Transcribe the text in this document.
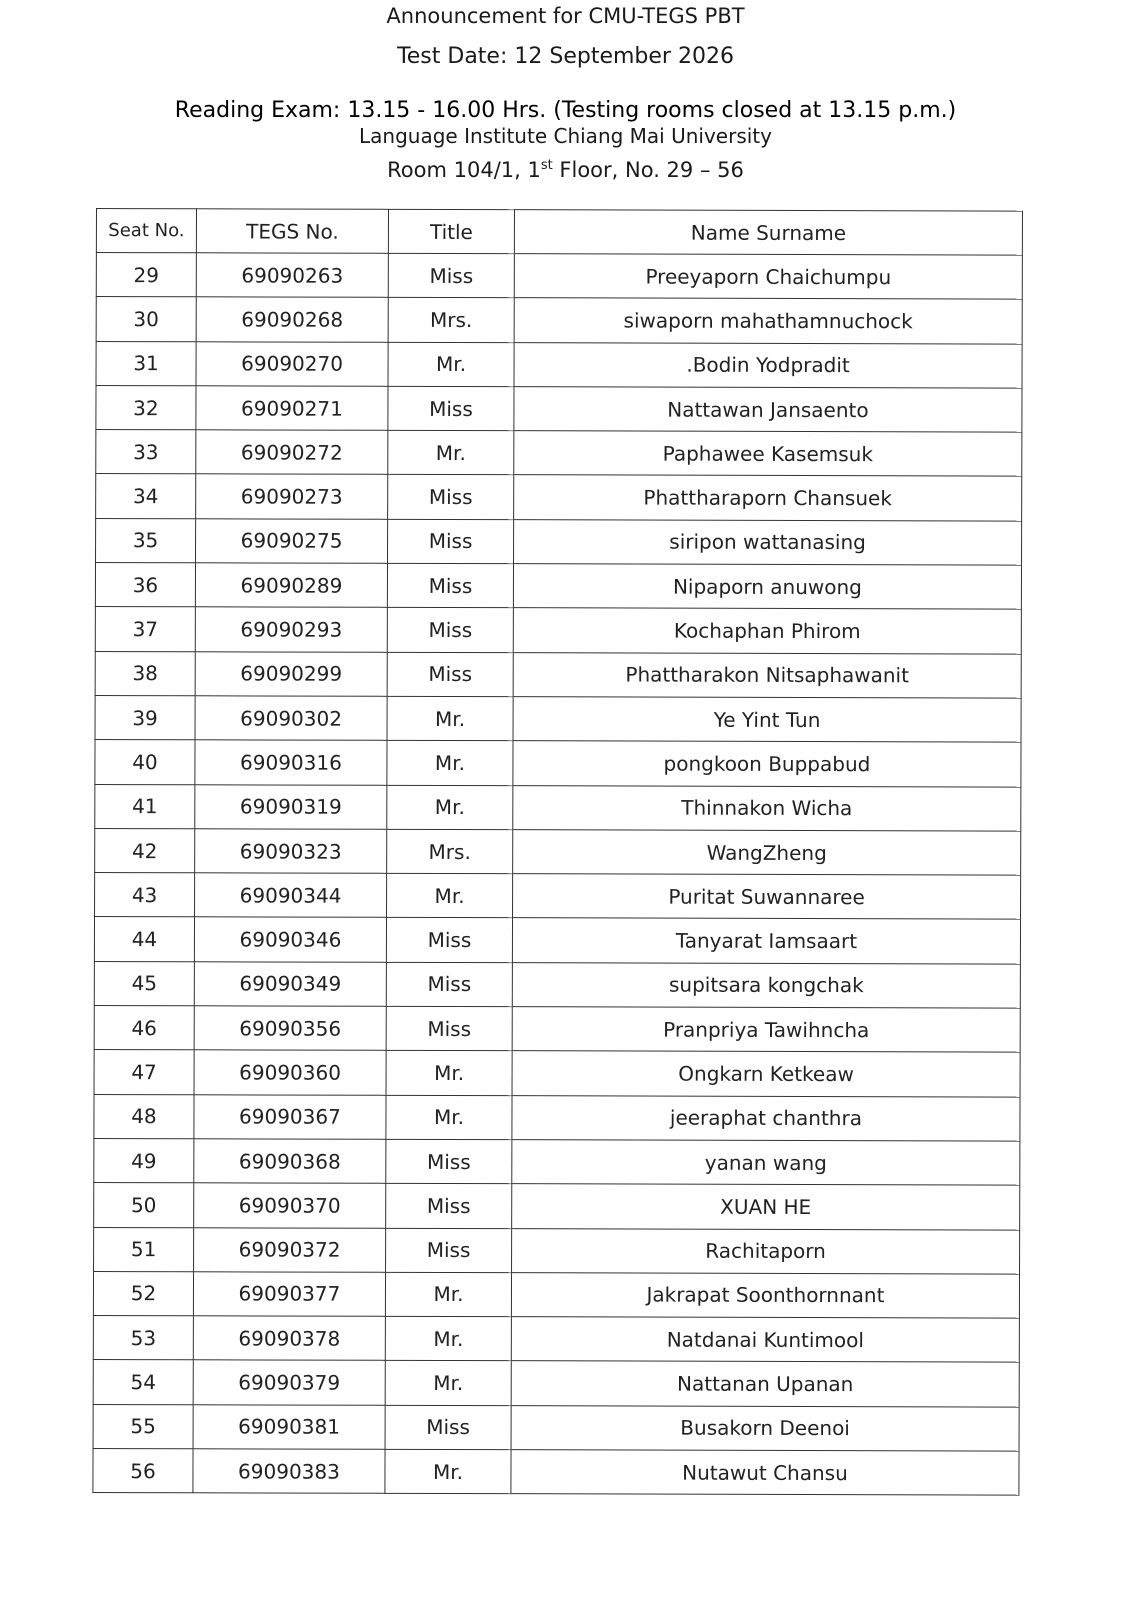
Announcement for CMU-TEGS PBT
Test Date: 12 September 2026
Reading Exam: 13.15 - 16.00 Hrs. (Testing rooms closed at 13.15 p.m.)
Language Institute Chiang Mai University
Room 104/1, 1st Floor, No. 29 – 56
Seat No.	TEGS No.	Title	Name Surname
29	69090263	Miss	Preeyaporn Chaichumpu
30	69090268	Mrs.	siwaporn mahathamnuchock
31	69090270	Mr.	.Bodin Yodpradit
32	69090271	Miss	Nattawan Jansaento
33	69090272	Mr.	Paphawee Kasemsuk
34	69090273	Miss	Phattharaporn Chansuek
35	69090275	Miss	siripon wattanasing
36	69090289	Miss	Nipaporn anuwong
37	69090293	Miss	Kochaphan Phirom
38	69090299	Miss	Phattharakon Nitsaphawanit
39	69090302	Mr.	Ye Yint Tun
40	69090316	Mr.	pongkoon Buppabud
41	69090319	Mr.	Thinnakon Wicha
42	69090323	Mrs.	WangZheng
43	69090344	Mr.	Puritat Suwannaree
44	69090346	Miss	Tanyarat Iamsaart
45	69090349	Miss	supitsara kongchak
46	69090356	Miss	Pranpriya Tawihncha
47	69090360	Mr.	Ongkarn Ketkeaw
48	69090367	Mr.	jeeraphat chanthra
49	69090368	Miss	yanan wang
50	69090370	Miss	XUAN HE
51	69090372	Miss	Rachitaporn
52	69090377	Mr.	Jakrapat Soonthornnant
53	69090378	Mr.	Natdanai Kuntimool
54	69090379	Mr.	Nattanan Upanan
55	69090381	Miss	Busakorn Deenoi
56	69090383	Mr.	Nutawut Chansu
